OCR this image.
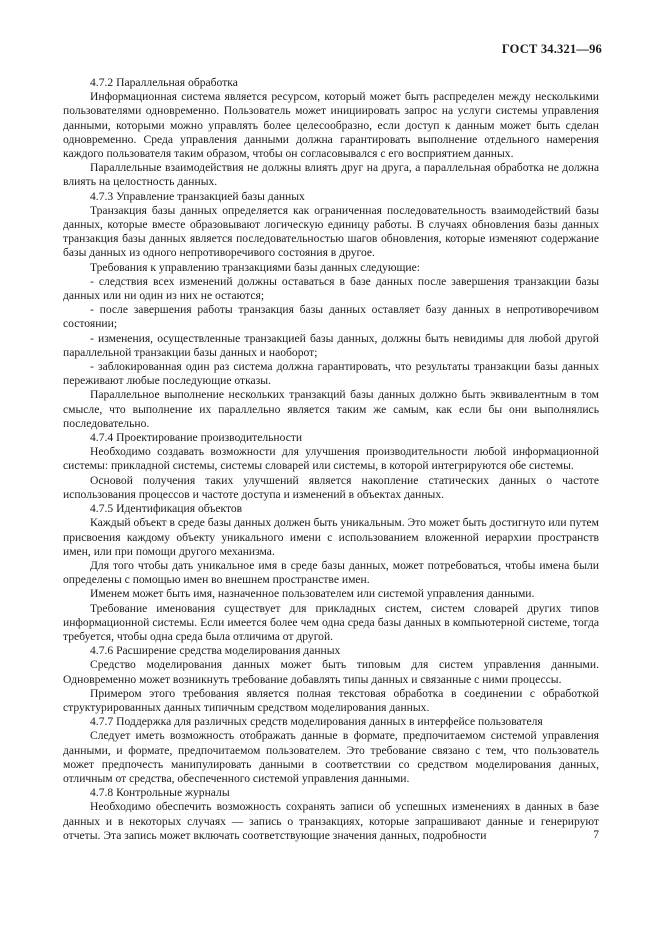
ГОСТ 34.321—96

4.7.2 Параллельная обработка

Информационная система является ресурсом, который может быть распределен между несколькими пользователями одновременно. Пользователь может инициировать запрос на услуги системы управления данными, которыми можно управлять более целесообразно, если доступ к данным может быть сделан одновременно. Среда управления данными должна гарантировать выполнение отдельного намерения каждого пользователя таким образом, чтобы он согласовывался с его восприятием данных.

Параллельные взаимодействия не должны влиять друг на друга, а параллельная обработка не должна влиять на целостность данных.

4.7.3 Управление транзакцией базы данных

Транзакция базы данных определяется как ограниченная последовательность взаимодействий базы данных, которые вместе образовывают логическую единицу работы. В случаях обновления базы данных транзакция базы данных является последовательностью шагов обновления, которые изменяют содержание базы данных из одного непротиворечивого состояния в другое.

Требования к управлению транзакциями базы данных следующие:

- следствия всех изменений должны оставаться в базе данных после завершения транзакции базы данных или ни один из них не остаются;

- после завершения работы транзакция базы данных оставляет базу данных в непротиворечивом состоянии;

- изменения, осуществленные транзакцией базы данных, должны быть невидимы для любой другой параллельной транзакции базы данных и наоборот;

- заблокированная один раз система должна гарантировать, что результаты транзакции базы данных переживают любые последующие отказы.

Параллельное выполнение нескольких транзакций базы данных должно быть эквивалентным в том смысле, что выполнение их параллельно является таким же самым, как если бы они выполнялись последовательно.

4.7.4 Проектирование производительности

Необходимо создавать возможности для улучшения производительности любой информационной системы: прикладной системы, системы словарей или системы, в которой интегрируются обе системы.

Основой получения таких улучшений является накопление статических данных о частоте использования процессов и частоте доступа и изменений в объектах данных.

4.7.5 Идентификация объектов

Каждый объект в среде базы данных должен быть уникальным. Это может быть достигнуто или путем присвоения каждому объекту уникального имени с использованием вложенной иерархии пространств имен, или при помощи другого механизма.

Для того чтобы дать уникальное имя в среде базы данных, может потребоваться, чтобы имена были определены с помощью имен во внешнем пространстве имен.

Именем может быть имя, назначенное пользователем или системой управления данными.

Требование именования существует для прикладных систем, систем словарей других типов информационной системы. Если имеется более чем одна среда базы данных в компьютерной системе, тогда требуется, чтобы одна среда была отличима от другой.

4.7.6 Расширение средства моделирования данных

Средство моделирования данных может быть типовым для систем управления данными. Одновременно может возникнуть требование добавлять типы данных и связанные с ними процессы.

Примером этого требования является полная текстовая обработка в соединении с обработкой структурированных данных типичным средством моделирования данных.

4.7.7 Поддержка для различных средств моделирования данных в интерфейсе пользователя

Следует иметь возможность отображать данные в формате, предпочитаемом системой управления данными, и формате, предпочитаемом пользователем. Это требование связано с тем, что пользователь может предпочесть манипулировать данными в соответствии со средством моделирования данных, отличным от средства, обеспеченного системой управления данными.

4.7.8 Контрольные журналы

Необходимо обеспечить возможность сохранять записи об успешных изменениях в данных в базе данных и в некоторых случаях — запись о транзакциях, которые запрашивают данные и генерируют отчеты. Эта запись может включать соответствующие значения данных, подробности	7
